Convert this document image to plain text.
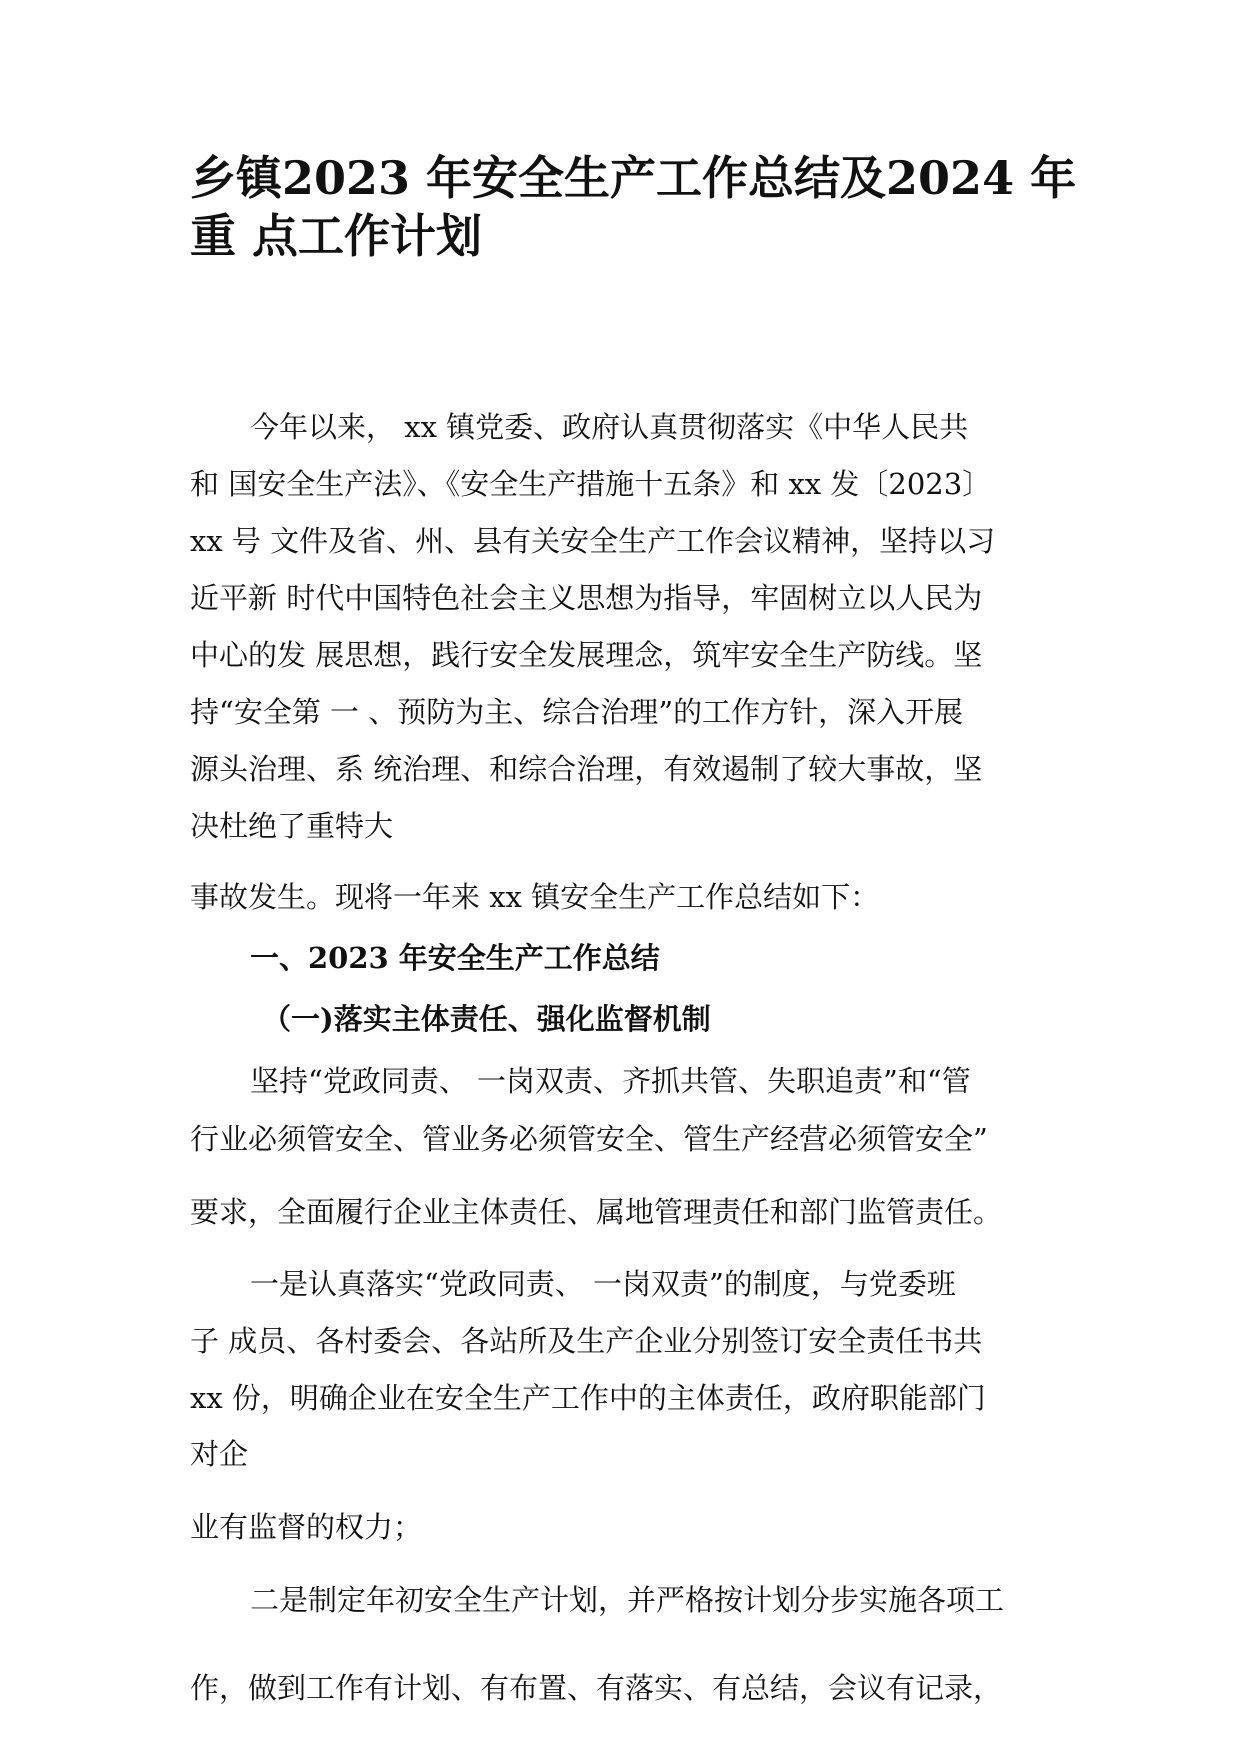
乡镇2023 年安全生产工作总结及2024 年
重 点工作计划
今年以来， xx 镇党委、政府认真贯彻落实《中华人民共
和 国安全生产法》、《安全生产措施十五条》和 xx 发〔2023〕
xx 号 文件及省、州、县有关安全生产工作会议精神，坚持以习
近平新 时代中国特色社会主义思想为指导，牢固树立以人民为
中心的发 展思想，践行安全发展理念，筑牢安全生产防线。坚
持“安全第 一 、预防为主、综合治理”的工作方针，深入开展
源头治理、系 统治理、和综合治理，有效遏制了较大事故，坚
决杜绝了重特大
事故发生。现将一年来 xx 镇安全生产工作总结如下：
一、2023 年安全生产工作总结
（一)落实主体责任、强化监督机制
坚持“党政同责、 一岗双责、齐抓共管、失职追责”和“管
行业必须管安全、管业务必须管安全、管生产经营必须管安全”
要求，全面履行企业主体责任、属地管理责任和部门监管责任。
一是认真落实“党政同责、 一岗双责”的制度，与党委班
子 成员、各村委会、各站所及生产企业分别签订安全责任书共
xx 份，明确企业在安全生产工作中的主体责任，政府职能部门
对企
业有监督的权力；
二是制定年初安全生产计划，并严格按计划分步实施各项工
作，做到工作有计划、有布置、有落实、有总结，会议有记录，
